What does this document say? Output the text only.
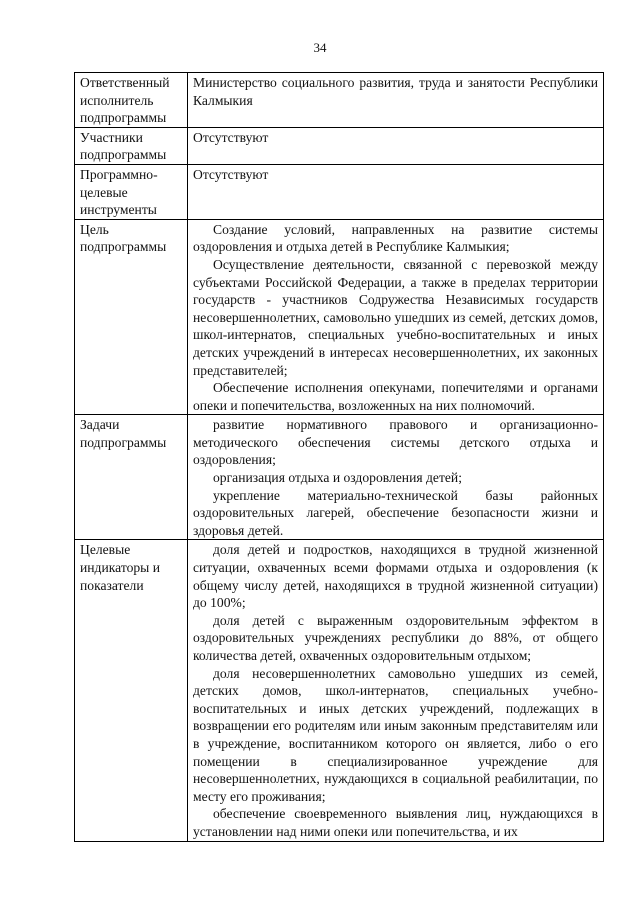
34
Ответственный исполнитель подпрограммы	Министерство социального развития, труда и занятости Республики Калмыкия

Участники подпрограммы	Отсутствуют

Программно-целевые инструменты	Отсутствуют

Цель подпрограммы	Создание условий, направленных на развитие системы оздоровления и отдыха детей в Республике Калмыкия;

Осуществление деятельности, связанной с перевозкой между субъектами Российской Федерации, а также в пределах территории государств - участников Содружества Независимых государств несовершеннолетних, самовольно ушедших из семей, детских домов, школ-интернатов, специальных учебно-воспитательных и иных детских учреждений в интересах несовершеннолетних, их законных представителей;

Обеспечение исполнения опекунами, попечителями и органами опеки и попечительства, возложенных на них полномочий.

Задачи подпрограммы	развитие нормативного правового и организационно-методического обеспечения системы детского отдыха и оздоровления;

организация отдыха и оздоровления детей;

укрепление материально-технической базы районных оздоровительных лагерей, обеспечение безопасности жизни и здоровья детей.

Целевые индикаторы и показатели	доля детей и подростков, находящихся в трудной жизненной ситуации, охваченных всеми формами отдыха и оздоровления (к общему числу детей, находящихся в трудной жизненной ситуации) до 100%;

доля детей с выраженным оздоровительным эффектом в оздоровительных учреждениях республики до 88%, от общего количества детей, охваченных оздоровительным отдыхом;

доля несовершеннолетних самовольно ушедших из семей, детских домов, школ-интернатов, специальных учебно-воспитательных и иных детских учреждений, подлежащих в возвращении его родителям или иным законным представителям или в учреждение, воспитанником которого он является, либо о его помещении в специализированное учреждение для несовершеннолетних, нуждающихся в социальной реабилитации, по месту его проживания;

обеспечение своевременного выявления лиц, нуждающихся в установлении над ними опеки или попечительства, и их
